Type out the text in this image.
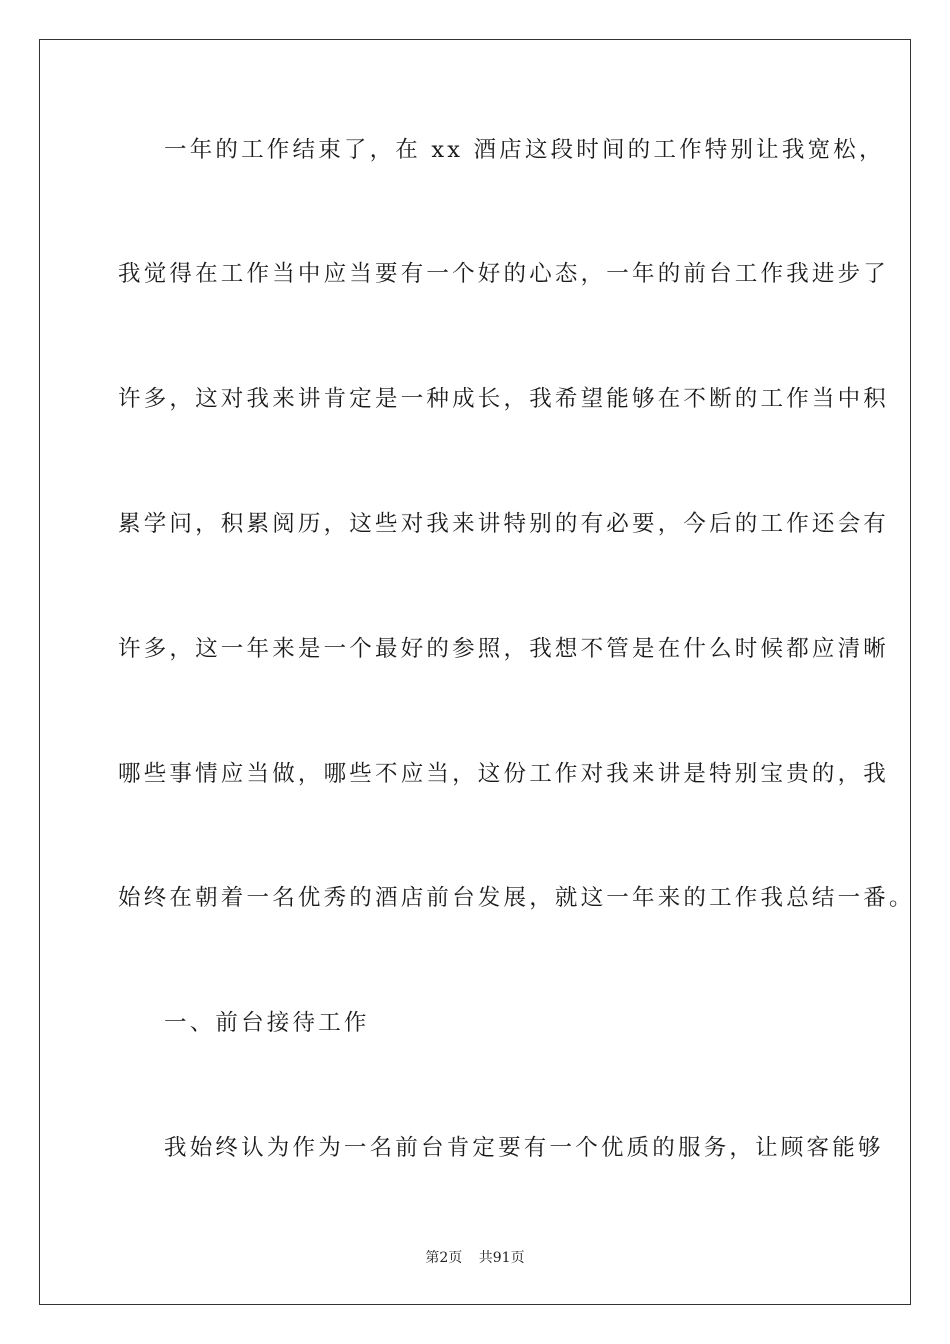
一年的工作结束了，在 xx 酒店这段时间的工作特别让我宽松，
我觉得在工作当中应当要有一个好的心态，一年的前台工作我进步了
许多，这对我来讲肯定是一种成长，我希望能够在不断的工作当中积
累学问，积累阅历，这些对我来讲特别的有必要，今后的工作还会有
许多，这一年来是一个最好的参照，我想不管是在什么时候都应清晰
哪些事情应当做，哪些不应当，这份工作对我来讲是特别宝贵的，我
始终在朝着一名优秀的酒店前台发展，就这一年来的工作我总结一番。
一、前台接待工作
我始终认为作为一名前台肯定要有一个优质的服务，让顾客能够
第2页 共91页
